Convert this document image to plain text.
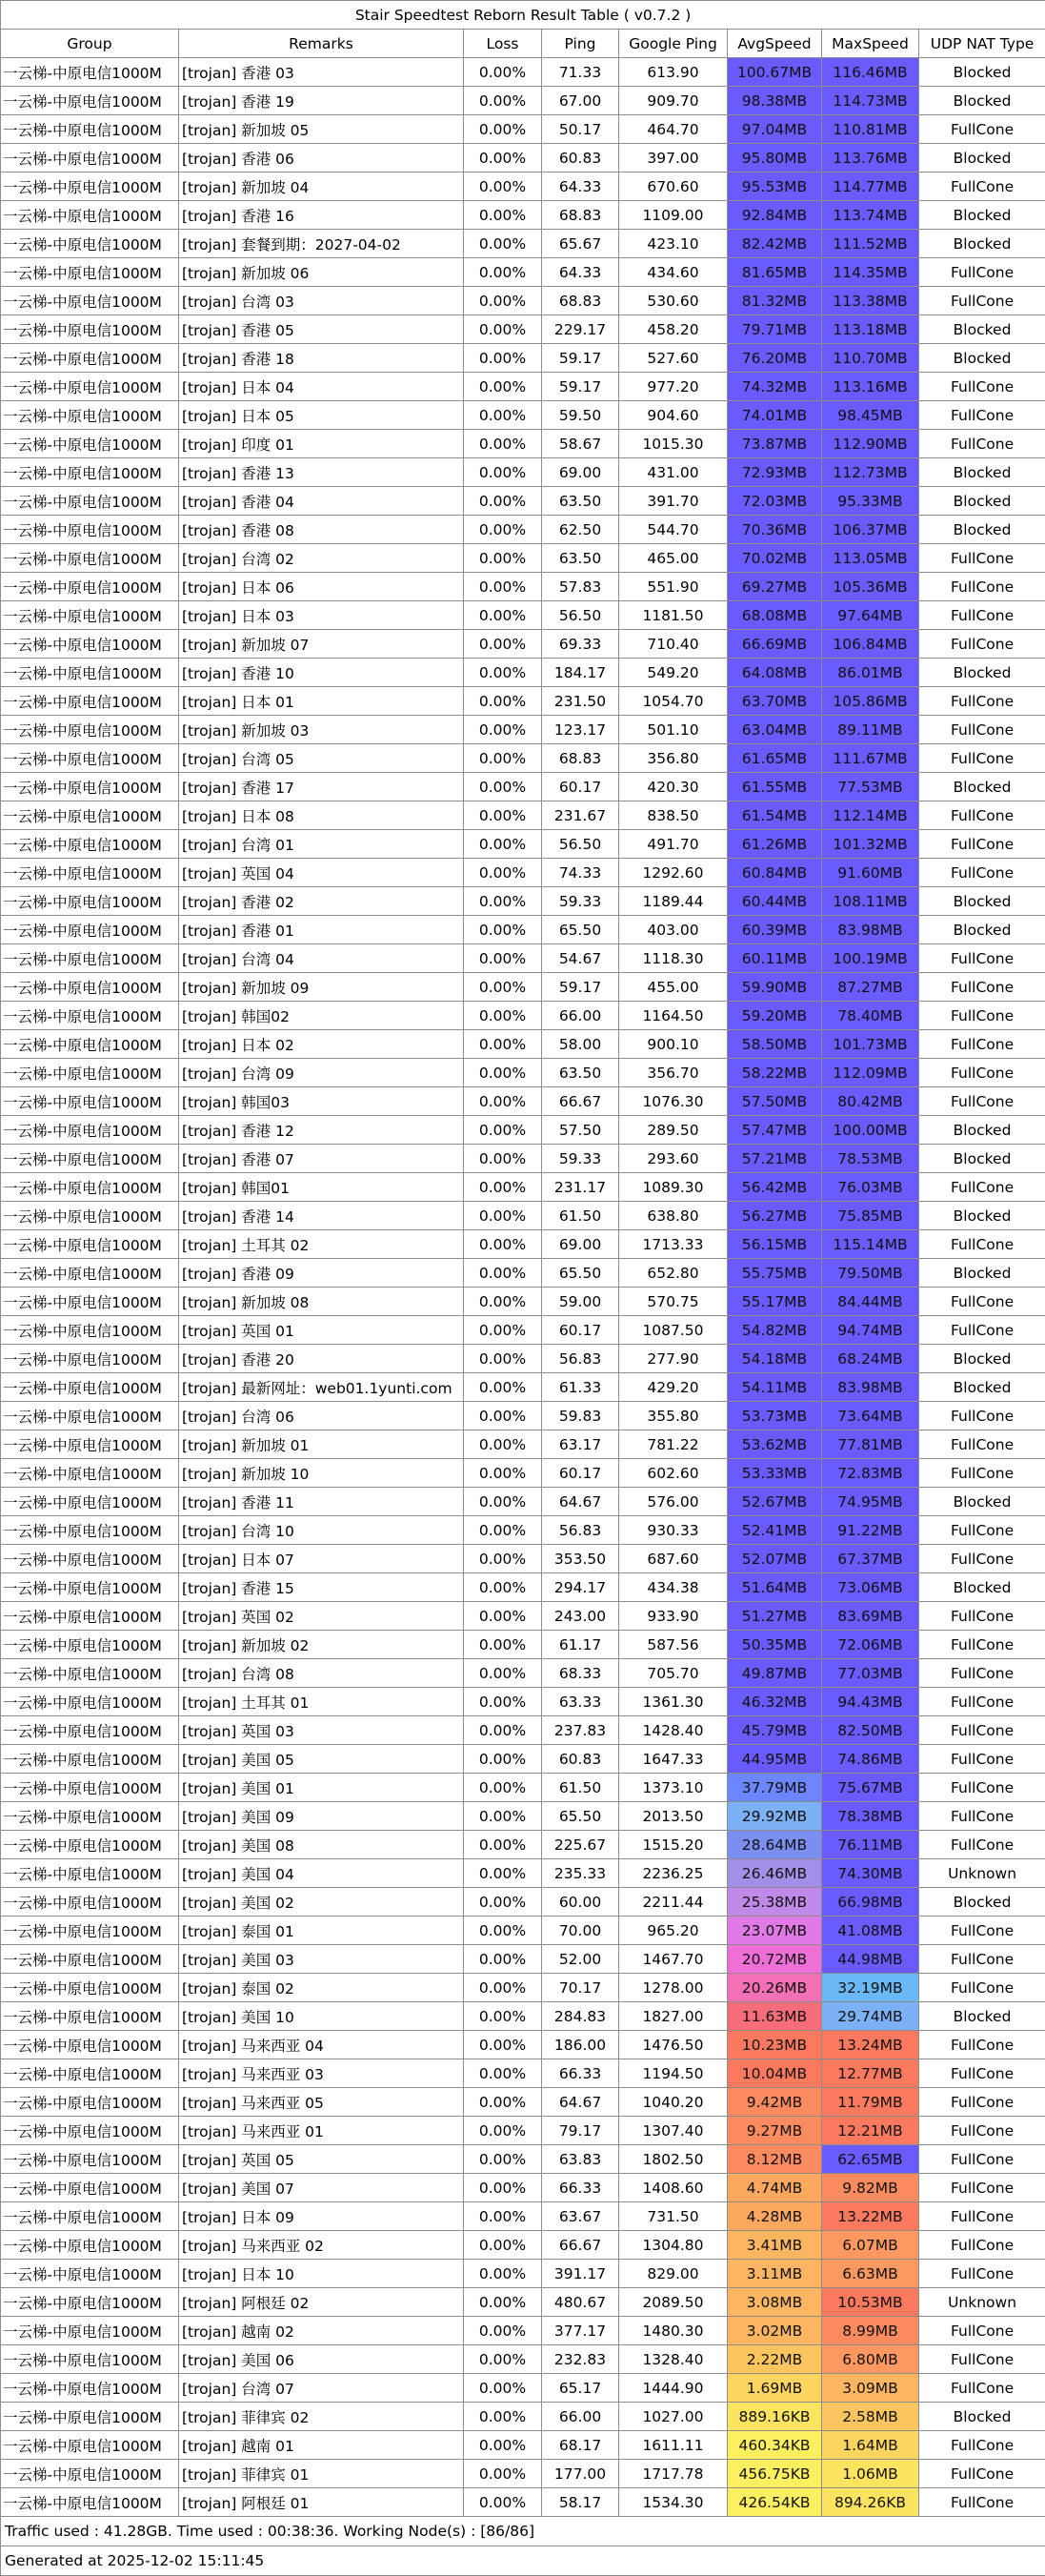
Stair Speedtest Reborn Result Table ( v0.7.2 )							
Group	Remarks	Loss	Ping	Google Ping	AvgSpeed	MaxSpeed	UDP NAT Type
一云梯-中原电信1000M	[trojan] 香港 03	0.00%	71.33	613.90	100.67MB	116.46MB	Blocked
一云梯-中原电信1000M	[trojan] 香港 19	0.00%	67.00	909.70	98.38MB	114.73MB	Blocked
一云梯-中原电信1000M	[trojan] 新加坡 05	0.00%	50.17	464.70	97.04MB	110.81MB	FullCone
一云梯-中原电信1000M	[trojan] 香港 06	0.00%	60.83	397.00	95.80MB	113.76MB	Blocked
一云梯-中原电信1000M	[trojan] 新加坡 04	0.00%	64.33	670.60	95.53MB	114.77MB	FullCone
一云梯-中原电信1000M	[trojan] 香港 16	0.00%	68.83	1109.00	92.84MB	113.74MB	Blocked
一云梯-中原电信1000M	[trojan] 套餐到期：2027-04-02	0.00%	65.67	423.10	82.42MB	111.52MB	Blocked
一云梯-中原电信1000M	[trojan] 新加坡 06	0.00%	64.33	434.60	81.65MB	114.35MB	FullCone
一云梯-中原电信1000M	[trojan] 台湾 03	0.00%	68.83	530.60	81.32MB	113.38MB	FullCone
一云梯-中原电信1000M	[trojan] 香港 05	0.00%	229.17	458.20	79.71MB	113.18MB	Blocked
一云梯-中原电信1000M	[trojan] 香港 18	0.00%	59.17	527.60	76.20MB	110.70MB	Blocked
一云梯-中原电信1000M	[trojan] 日本 04	0.00%	59.17	977.20	74.32MB	113.16MB	FullCone
一云梯-中原电信1000M	[trojan] 日本 05	0.00%	59.50	904.60	74.01MB	98.45MB	FullCone
一云梯-中原电信1000M	[trojan] 印度 01	0.00%	58.67	1015.30	73.87MB	112.90MB	FullCone
一云梯-中原电信1000M	[trojan] 香港 13	0.00%	69.00	431.00	72.93MB	112.73MB	Blocked
一云梯-中原电信1000M	[trojan] 香港 04	0.00%	63.50	391.70	72.03MB	95.33MB	Blocked
一云梯-中原电信1000M	[trojan] 香港 08	0.00%	62.50	544.70	70.36MB	106.37MB	Blocked
一云梯-中原电信1000M	[trojan] 台湾 02	0.00%	63.50	465.00	70.02MB	113.05MB	FullCone
一云梯-中原电信1000M	[trojan] 日本 06	0.00%	57.83	551.90	69.27MB	105.36MB	FullCone
一云梯-中原电信1000M	[trojan] 日本 03	0.00%	56.50	1181.50	68.08MB	97.64MB	FullCone
一云梯-中原电信1000M	[trojan] 新加坡 07	0.00%	69.33	710.40	66.69MB	106.84MB	FullCone
一云梯-中原电信1000M	[trojan] 香港 10	0.00%	184.17	549.20	64.08MB	86.01MB	Blocked
一云梯-中原电信1000M	[trojan] 日本 01	0.00%	231.50	1054.70	63.70MB	105.86MB	FullCone
一云梯-中原电信1000M	[trojan] 新加坡 03	0.00%	123.17	501.10	63.04MB	89.11MB	FullCone
一云梯-中原电信1000M	[trojan] 台湾 05	0.00%	68.83	356.80	61.65MB	111.67MB	FullCone
一云梯-中原电信1000M	[trojan] 香港 17	0.00%	60.17	420.30	61.55MB	77.53MB	Blocked
一云梯-中原电信1000M	[trojan] 日本 08	0.00%	231.67	838.50	61.54MB	112.14MB	FullCone
一云梯-中原电信1000M	[trojan] 台湾 01	0.00%	56.50	491.70	61.26MB	101.32MB	FullCone
一云梯-中原电信1000M	[trojan] 英国 04	0.00%	74.33	1292.60	60.84MB	91.60MB	FullCone
一云梯-中原电信1000M	[trojan] 香港 02	0.00%	59.33	1189.44	60.44MB	108.11MB	Blocked
一云梯-中原电信1000M	[trojan] 香港 01	0.00%	65.50	403.00	60.39MB	83.98MB	Blocked
一云梯-中原电信1000M	[trojan] 台湾 04	0.00%	54.67	1118.30	60.11MB	100.19MB	FullCone
一云梯-中原电信1000M	[trojan] 新加坡 09	0.00%	59.17	455.00	59.90MB	87.27MB	FullCone
一云梯-中原电信1000M	[trojan] 韩国02	0.00%	66.00	1164.50	59.20MB	78.40MB	FullCone
一云梯-中原电信1000M	[trojan] 日本 02	0.00%	58.00	900.10	58.50MB	101.73MB	FullCone
一云梯-中原电信1000M	[trojan] 台湾 09	0.00%	63.50	356.70	58.22MB	112.09MB	FullCone
一云梯-中原电信1000M	[trojan] 韩国03	0.00%	66.67	1076.30	57.50MB	80.42MB	FullCone
一云梯-中原电信1000M	[trojan] 香港 12	0.00%	57.50	289.50	57.47MB	100.00MB	Blocked
一云梯-中原电信1000M	[trojan] 香港 07	0.00%	59.33	293.60	57.21MB	78.53MB	Blocked
一云梯-中原电信1000M	[trojan] 韩国01	0.00%	231.17	1089.30	56.42MB	76.03MB	FullCone
一云梯-中原电信1000M	[trojan] 香港 14	0.00%	61.50	638.80	56.27MB	75.85MB	Blocked
一云梯-中原电信1000M	[trojan] 土耳其 02	0.00%	69.00	1713.33	56.15MB	115.14MB	FullCone
一云梯-中原电信1000M	[trojan] 香港 09	0.00%	65.50	652.80	55.75MB	79.50MB	Blocked
一云梯-中原电信1000M	[trojan] 新加坡 08	0.00%	59.00	570.75	55.17MB	84.44MB	FullCone
一云梯-中原电信1000M	[trojan] 英国 01	0.00%	60.17	1087.50	54.82MB	94.74MB	FullCone
一云梯-中原电信1000M	[trojan] 香港 20	0.00%	56.83	277.90	54.18MB	68.24MB	Blocked
一云梯-中原电信1000M	[trojan] 最新网址：web01.1yunti.com	0.00%	61.33	429.20	54.11MB	83.98MB	Blocked
一云梯-中原电信1000M	[trojan] 台湾 06	0.00%	59.83	355.80	53.73MB	73.64MB	FullCone
一云梯-中原电信1000M	[trojan] 新加坡 01	0.00%	63.17	781.22	53.62MB	77.81MB	FullCone
一云梯-中原电信1000M	[trojan] 新加坡 10	0.00%	60.17	602.60	53.33MB	72.83MB	FullCone
一云梯-中原电信1000M	[trojan] 香港 11	0.00%	64.67	576.00	52.67MB	74.95MB	Blocked
一云梯-中原电信1000M	[trojan] 台湾 10	0.00%	56.83	930.33	52.41MB	91.22MB	FullCone
一云梯-中原电信1000M	[trojan] 日本 07	0.00%	353.50	687.60	52.07MB	67.37MB	FullCone
一云梯-中原电信1000M	[trojan] 香港 15	0.00%	294.17	434.38	51.64MB	73.06MB	Blocked
一云梯-中原电信1000M	[trojan] 英国 02	0.00%	243.00	933.90	51.27MB	83.69MB	FullCone
一云梯-中原电信1000M	[trojan] 新加坡 02	0.00%	61.17	587.56	50.35MB	72.06MB	FullCone
一云梯-中原电信1000M	[trojan] 台湾 08	0.00%	68.33	705.70	49.87MB	77.03MB	FullCone
一云梯-中原电信1000M	[trojan] 土耳其 01	0.00%	63.33	1361.30	46.32MB	94.43MB	FullCone
一云梯-中原电信1000M	[trojan] 英国 03	0.00%	237.83	1428.40	45.79MB	82.50MB	FullCone
一云梯-中原电信1000M	[trojan] 美国 05	0.00%	60.83	1647.33	44.95MB	74.86MB	FullCone
一云梯-中原电信1000M	[trojan] 美国 01	0.00%	61.50	1373.10	37.79MB	75.67MB	FullCone
一云梯-中原电信1000M	[trojan] 美国 09	0.00%	65.50	2013.50	29.92MB	78.38MB	FullCone
一云梯-中原电信1000M	[trojan] 美国 08	0.00%	225.67	1515.20	28.64MB	76.11MB	FullCone
一云梯-中原电信1000M	[trojan] 美国 04	0.00%	235.33	2236.25	26.46MB	74.30MB	Unknown
一云梯-中原电信1000M	[trojan] 美国 02	0.00%	60.00	2211.44	25.38MB	66.98MB	Blocked
一云梯-中原电信1000M	[trojan] 泰国 01	0.00%	70.00	965.20	23.07MB	41.08MB	FullCone
一云梯-中原电信1000M	[trojan] 美国 03	0.00%	52.00	1467.70	20.72MB	44.98MB	FullCone
一云梯-中原电信1000M	[trojan] 泰国 02	0.00%	70.17	1278.00	20.26MB	32.19MB	FullCone
一云梯-中原电信1000M	[trojan] 美国 10	0.00%	284.83	1827.00	11.63MB	29.74MB	Blocked
一云梯-中原电信1000M	[trojan] 马来西亚 04	0.00%	186.00	1476.50	10.23MB	13.24MB	FullCone
一云梯-中原电信1000M	[trojan] 马来西亚 03	0.00%	66.33	1194.50	10.04MB	12.77MB	FullCone
一云梯-中原电信1000M	[trojan] 马来西亚 05	0.00%	64.67	1040.20	9.42MB	11.79MB	FullCone
一云梯-中原电信1000M	[trojan] 马来西亚 01	0.00%	79.17	1307.40	9.27MB	12.21MB	FullCone
一云梯-中原电信1000M	[trojan] 英国 05	0.00%	63.83	1802.50	8.12MB	62.65MB	FullCone
一云梯-中原电信1000M	[trojan] 美国 07	0.00%	66.33	1408.60	4.74MB	9.82MB	FullCone
一云梯-中原电信1000M	[trojan] 日本 09	0.00%	63.67	731.50	4.28MB	13.22MB	FullCone
一云梯-中原电信1000M	[trojan] 马来西亚 02	0.00%	66.67	1304.80	3.41MB	6.07MB	FullCone
一云梯-中原电信1000M	[trojan] 日本 10	0.00%	391.17	829.00	3.11MB	6.63MB	FullCone
一云梯-中原电信1000M	[trojan] 阿根廷 02	0.00%	480.67	2089.50	3.08MB	10.53MB	Unknown
一云梯-中原电信1000M	[trojan] 越南 02	0.00%	377.17	1480.30	3.02MB	8.99MB	FullCone
一云梯-中原电信1000M	[trojan] 美国 06	0.00%	232.83	1328.40	2.22MB	6.80MB	FullCone
一云梯-中原电信1000M	[trojan] 台湾 07	0.00%	65.17	1444.90	1.69MB	3.09MB	FullCone
一云梯-中原电信1000M	[trojan] 菲律宾 02	0.00%	66.00	1027.00	889.16KB	2.58MB	Blocked
一云梯-中原电信1000M	[trojan] 越南 01	0.00%	68.17	1611.11	460.34KB	1.64MB	FullCone
一云梯-中原电信1000M	[trojan] 菲律宾 01	0.00%	177.00	1717.78	456.75KB	1.06MB	FullCone
一云梯-中原电信1000M	[trojan] 阿根廷 01	0.00%	58.17	1534.30	426.54KB	894.26KB	FullCone
Traffic used : 41.28GB. Time used : 00:38:36. Working Node(s) : [86/86]							
Generated at 2025-12-02 15:11:45							
